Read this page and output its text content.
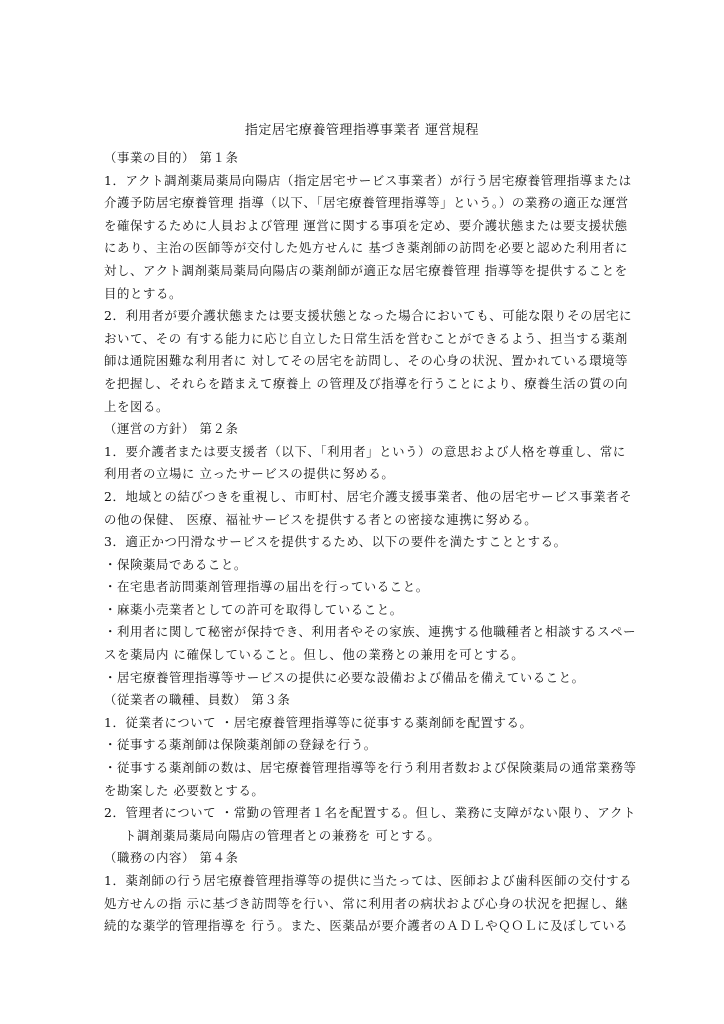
指定居宅療養管理指導事業者 運営規程
（事業の目的） 第１条
1．アクト調剤薬局薬局向陽店（指定居宅サービス事業者）が行う居宅療養管理指導または
介護予防居宅療養管理 指導（以下、「居宅療養管理指導等」という。）の業務の適正な運営
を確保するために人員および管理 運営に関する事項を定め、要介護状態または要支援状態
にあり、主治の医師等が交付した処方せんに 基づき薬剤師の訪問を必要と認めた利用者に
対し、アクト調剤薬局薬局向陽店の薬剤師が適正な居宅療養管理 指導等を提供することを
目的とする。
2．利用者が要介護状態または要支援状態となった場合においても、可能な限りその居宅に
おいて、その 有する能力に応じ自立した日常生活を営むことができるよう、担当する薬剤
師は通院困難な利用者に 対してその居宅を訪問し、その心身の状況、置かれている環境等
を把握し、それらを踏まえて療養上 の管理及び指導を行うことにより、療養生活の質の向
上を図る。
（運営の方針） 第２条
1．要介護者または要支援者（以下、「利用者」という）の意思および人格を尊重し、常に
利用者の立場に 立ったサービスの提供に努める。
2．地域との結びつきを重視し、市町村、居宅介護支援事業者、他の居宅サービス事業者そ
の他の保健、 医療、福祉サービスを提供する者との密接な連携に努める。
3．適正かつ円滑なサービスを提供するため、以下の要件を満たすこととする。
・保険薬局であること。
・在宅患者訪問薬剤管理指導の届出を行っていること。
・麻薬小売業者としての許可を取得していること。
・利用者に関して秘密が保持でき、利用者やその家族、連携する他職種者と相談するスペー
スを薬局内 に確保していること。但し、他の業務との兼用を可とする。
・居宅療養管理指導等サービスの提供に必要な設備および備品を備えていること。
（従業者の職種、員数） 第３条
1．従業者について ・居宅療養管理指導等に従事する薬剤師を配置する。
・従事する薬剤師は保険薬剤師の登録を行う。
・従事する薬剤師の数は、居宅療養管理指導等を行う利用者数および保険薬局の通常業務等
を勘案した 必要数とする。
2．管理者について ・常勤の管理者１名を配置する。但し、業務に支障がない限り、アクト
ト調剤薬局薬局向陽店の管理者との兼務を 可とする。
（職務の内容） 第４条
1．薬剤師の行う居宅療養管理指導等の提供に当たっては、医師および歯科医師の交付する
処方せんの指 示に基づき訪問等を行い、常に利用者の病状および心身の状況を把握し、継
続的な薬学的管理指導を 行う。また、医薬品が要介護者のＡＤＬやＱＯＬに及ぼしている
